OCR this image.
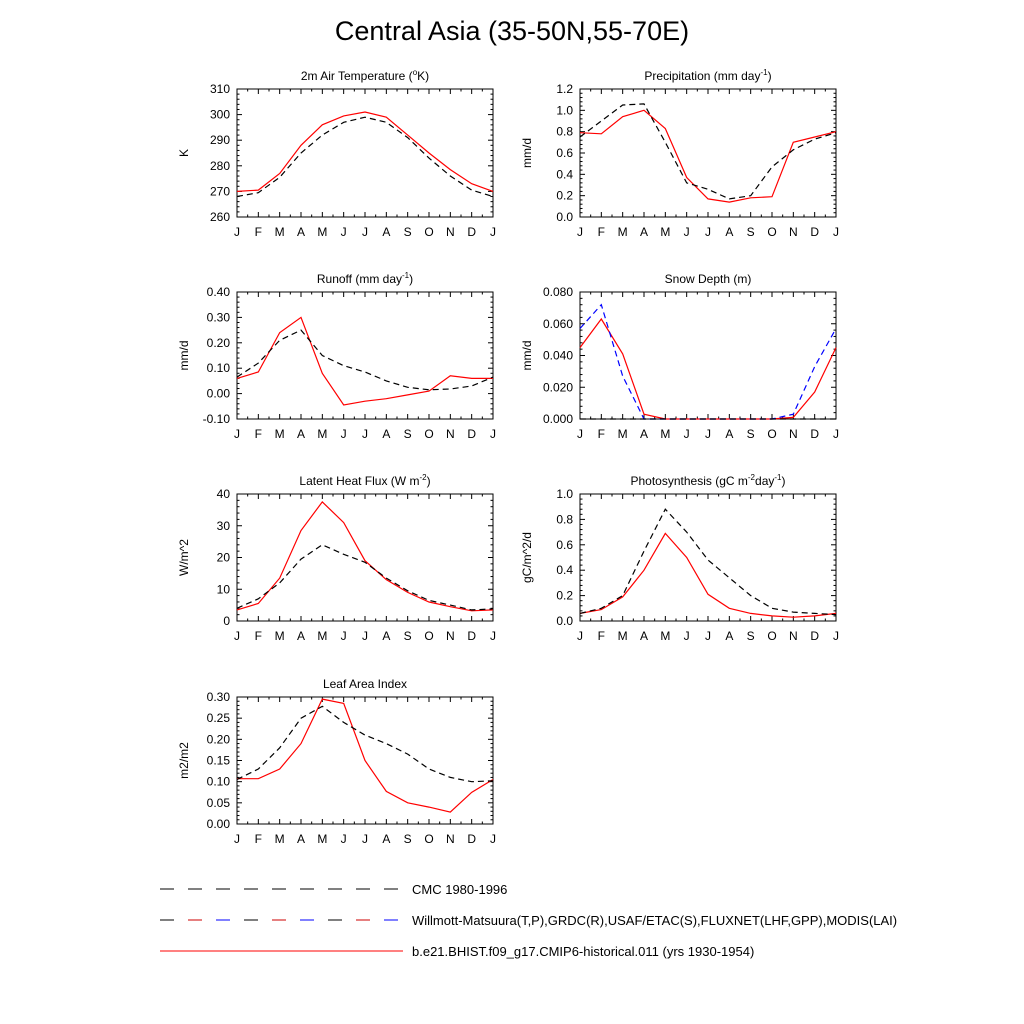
Central Asia (35-50N,55-70E)
J F M A M J J A S O N D J
260
270
280
290
300
310
2m Air Temperature ($^o$K)
K
J F M A M J J A S O N D J
0.0
0.2
0.4
0.6
0.8
1.0
1.2
Precipitation (mm day$^{-1}$)
mm/d
J F M A M J J A S O N D J
-0.10
0.00
0.10
0.20
0.30
0.40
Runoff (mm day$^{-1}$)
mm/d
J F M A M J J A S O N D J
0.000
0.020
0.040
0.060
0.080
Snow Depth (m)
mm/d
J F M A M J J A S O N D J
0
10
20
30
40
Latent Heat Flux (W $m^{-2}$)
W/m^2
J F M A M J J A S O N D J
0.0
0.2
0.4
0.6
0.8
1.0
Photosynthesis (gC $m^{-2}day^{-1}$)
gC/m^2/d
J F M A M J J A S O N D J
0.00
0.05
0.10
0.15
0.20
0.25
0.30
Leaf Area Index
m2/m2
CMC 1980-1996
Willmott-Matsuura(T,P),GRDC(R),USAF/ETAC(S),FLUXNET(LHF,GPP),MODIS(LAI)
b.e21.BHIST.f09_g17.CMIP6-historical.011 (yrs 1930-1954)
